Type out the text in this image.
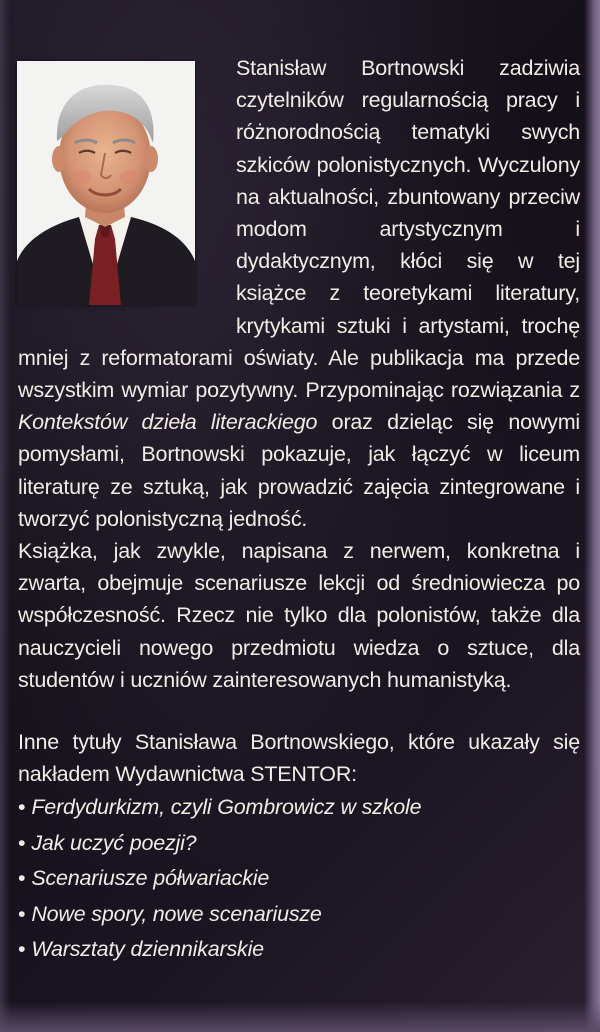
Stanisław Bortnowski zadziwia czytelników regularnością pracy i różnorodnością tematyki swych szkiców polonistycznych. Wyczulony na aktualności, zbuntowany przeciw modom artystycznym i dydaktycznym, kłóci się w tej książce z teoretykami literatury, krytykami sztuki i artystami, trochę mniej z reformatorami oświaty. Ale publikacja ma przede wszystkim wymiar pozytywny. Przypominając rozwiązania z Kontekstów dzieła literackiego oraz dzieląc się nowymi pomysłami, Bortnowski pokazuje, jak łączyć w liceum literaturę ze sztuką, jak prowadzić zajęcia zintegrowane i tworzyć polonistyczną jedność.

Książka, jak zwykle, napisana z nerwem, konkretna i zwarta, obejmuje scenariusze lekcji od średniowiecza po współczesność. Rzecz nie tylko dla polonistów, także dla nauczycieli nowego przedmiotu wiedza o sztuce, dla studentów i uczniów zainteresowanych humanistyką.

Inne tytuły Stanisława Bortnowskiego, które ukazały się nakładem Wydawnictwa STENTOR:

• Ferdydurkizm, czyli Gombrowicz w szkole
• Jak uczyć poezji?
• Scenariusze półwariackie
• Nowe spory, nowe scenariusze
• Warsztaty dziennikarskie
